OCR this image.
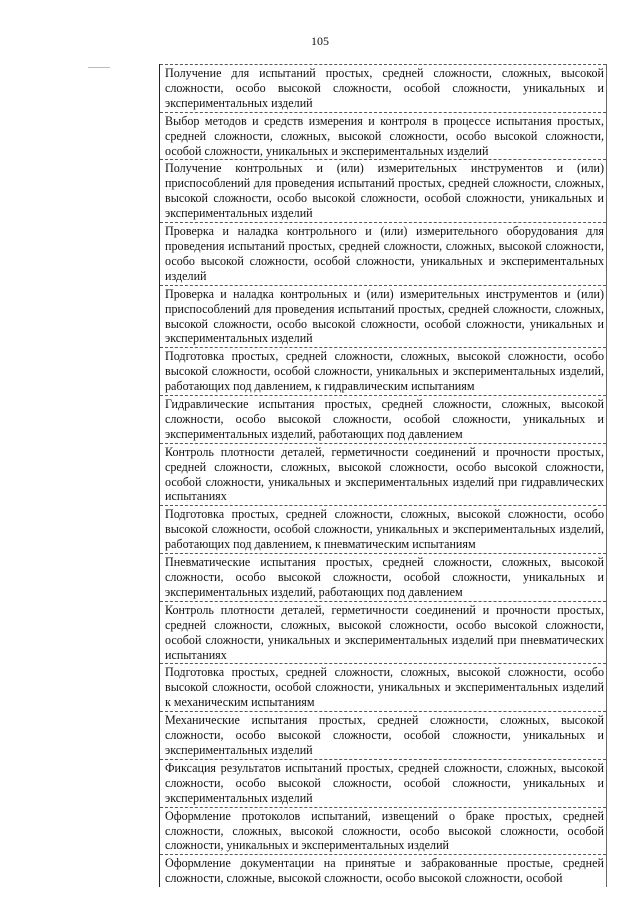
105
Получение для испытаний простых, средней сложности, сложных, высокой сложности, особо высокой сложности, особой сложности, уникальных и экспериментальных изделий
Выбор методов и средств измерения и контроля в процессе испытания простых, средней сложности, сложных, высокой сложности, особо высокой сложности, особой сложности, уникальных и экспериментальных изделий
Получение контрольных и (или) измерительных инструментов и (или) приспособлений для проведения испытаний простых, средней сложности, сложных, высокой сложности, особо высокой сложности, особой сложности, уникальных и экспериментальных изделий
Проверка и наладка контрольного и (или) измерительного оборудования для проведения испытаний простых, средней сложности, сложных, высокой сложности, особо высокой сложности, особой сложности, уникальных и экспериментальных изделий
Проверка и наладка контрольных и (или) измерительных инструментов и (или) приспособлений для проведения испытаний простых, средней сложности, сложных, высокой сложности, особо высокой сложности, особой сложности, уникальных и экспериментальных изделий
Подготовка простых, средней сложности, сложных, высокой сложности, особо высокой сложности, особой сложности, уникальных и экспериментальных изделий, работающих под давлением, к гидравлическим испытаниям
Гидравлические испытания простых, средней сложности, сложных, высокой сложности, особо высокой сложности, особой сложности, уникальных и экспериментальных изделий, работающих под давлением
Контроль плотности деталей, герметичности соединений и прочности простых, средней сложности, сложных, высокой сложности, особо высокой сложности, особой сложности, уникальных и экспериментальных изделий при гидравлических испытаниях
Подготовка простых, средней сложности, сложных, высокой сложности, особо высокой сложности, особой сложности, уникальных и экспериментальных изделий, работающих под давлением, к пневматическим испытаниям
Пневматические испытания простых, средней сложности, сложных, высокой сложности, особо высокой сложности, особой сложности, уникальных и экспериментальных изделий, работающих под давлением
Контроль плотности деталей, герметичности соединений и прочности простых, средней сложности, сложных, высокой сложности, особо высокой сложности, особой сложности, уникальных и экспериментальных изделий при пневматических испытаниях
Подготовка простых, средней сложности, сложных, высокой сложности, особо высокой сложности, особой сложности, уникальных и экспериментальных изделий к механическим испытаниям
Механические испытания простых, средней сложности, сложных, высокой сложности, особо высокой сложности, особой сложности, уникальных и экспериментальных изделий
Фиксация результатов испытаний простых, средней сложности, сложных, высокой сложности, особо высокой сложности, особой сложности, уникальных и экспериментальных изделий
Оформление протоколов испытаний, извещений о браке простых, средней сложности, сложных, высокой сложности, особо высокой сложности, особой сложности, уникальных и экспериментальных изделий
Оформление документации на принятые и забракованные простые, средней сложности, сложные, высокой сложности, особо высокой сложности, особой
